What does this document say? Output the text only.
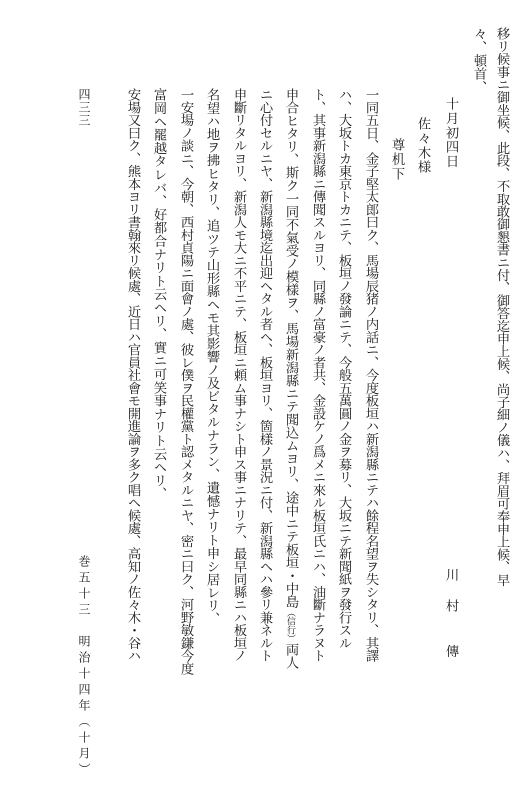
移リ候事ニ御坐候、此段、不取敢御懇書ニ付、御答迄申上候、尚子細ノ儀ハ、拜眉可奉申上候、早
々、頓首、
十月初四日
川　村　　傳
佐々木様
尊机下
一同五日、金子堅太郎曰ク、馬場辰猪ノ内話ニ、今度板垣ハ新潟縣ニテハ餘程名望ヲ失シタリ、其譯
ハ、大坂トカ東京トカニテ、板垣ノ發論ニテ、今般五萬圓ノ金ヲ募リ、大坂ニテ新聞紙ヲ發行スル
ト、其事新潟縣ニ傳聞スルヨリ、同縣ノ富豪ノ者共、金設ケノ爲メニ來ル板垣氏ニハ、油斷ナラヌト
申合ヒタリ、斯ク一同不氣受ノ模樣ヲ、馬場新潟縣ニテ聞込ムヨリ、途中ニテ板垣・中島（信行）両人
ニ心付セルニヤ、新潟縣境迄出迎ヘタル者ヘ、板垣ヨリ、箇樣ノ景況ニ付、新潟縣ヘハ參リ兼ネルト
申斷リタルヨリ、新潟人モ大ニ不平ニテ、板垣ニ頼ム事ナシト申ス事ニナリテ、最早同縣ニハ板垣ノ
名望ハ地ヲ拂ヒタリ、追ツテ山形縣ヘモ其影響ノ及ビタルナラン、遺憾ナリト申シ居レリ、
一安場ノ談ニ、今朝、西村貞陽ニ面會ノ處、彼レ僕ヲ民權黨ト認メタルニヤ、密ニ曰ク、河野敏鎌今度
富岡ヘ罷越タレバ、好都合ナリト云ヘリ、實ニ可笑事ナリト云ヘリ、
安場又曰ク、熊本ヨリ書翰來リ候處、近日ハ官員社會モ開進論ヲ多ク唱ヘ候處、高知ノ佐々木・谷ハ
巻五十三　明治十四年（十月）
四三三
